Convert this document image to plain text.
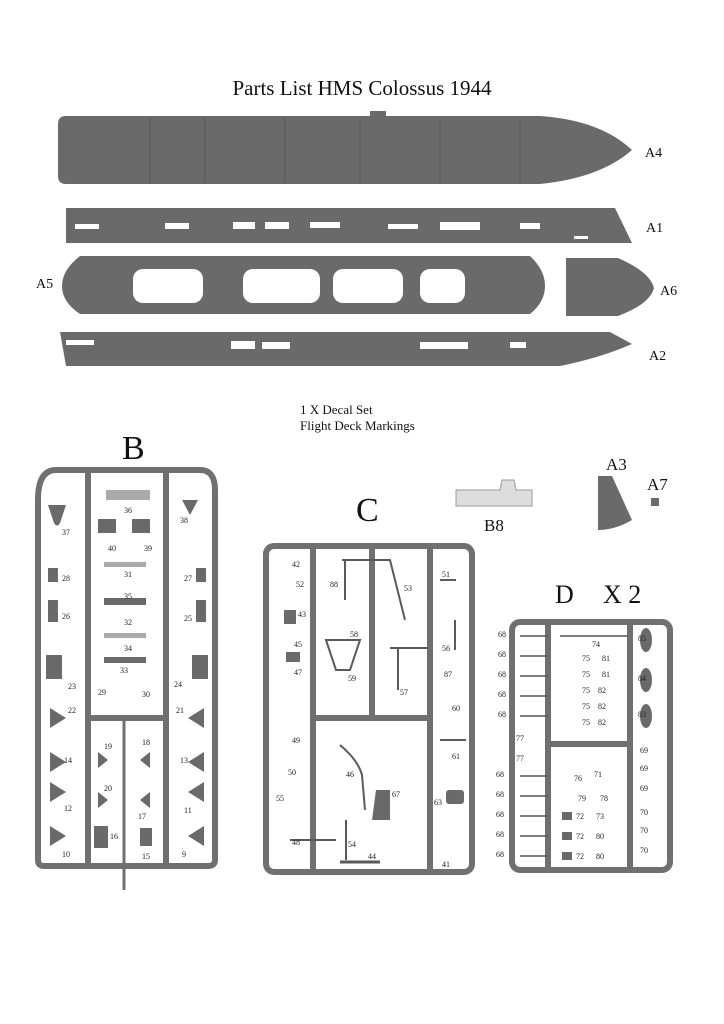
Parts List HMS Colossus 1944
A4
A1
A5	A6
A2
1 X Decal Set
Flight Deck Markings
B
C
D X 2
A3
A7
B8
36
37
38
40	39
31
28	27
35
26
32	25
34
33
23
29	30
24
22	21
19	18
14	13
20
12	11
17
16
10	15	9
42
52	88	53
51
43
58
45	56
47
59	87
57
60
49
46
61
50
55	67
63
48	54
44
41
68
74
85
68	75 81
68	75 81	84
68	75 82
68
75 82
83
75 82
77
69
77
69
68	76 71
68	79 78
69
68	72 73	70
68	72 80
70
68	72 80
70
